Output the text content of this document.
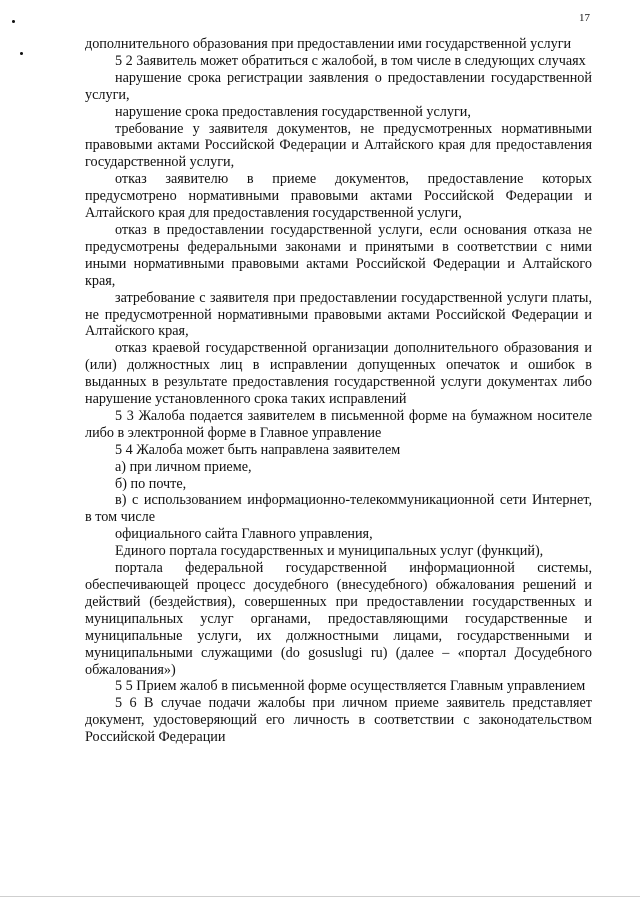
17

дополнительного образования при предоставлении ими государственной услуги

5 2 Заявитель может обратиться с жалобой, в том числе в следующих случаях

нарушение срока регистрации заявления о предоставлении государственной услуги,

нарушение срока предоставления государственной услуги,

требование у заявителя документов, не предусмотренных нормативными правовыми актами Российской Федерации и Алтайского края для предоставления государственной услуги,

отказ заявителю в приеме документов, предоставление которых предусмотрено нормативными правовыми актами Российской Федерации и Алтайского края для предоставления государственной услуги,

отказ в предоставлении государственной услуги, если основания отказа не предусмотрены федеральными законами и принятыми в соответствии с ними иными нормативными правовыми актами Российской Федерации и Алтайского края,

затребование с заявителя при предоставлении государственной услуги платы, не предусмотренной нормативными правовыми актами Российской Федерации и Алтайского края,

отказ краевой государственной организации дополнительного образования и (или) должностных лиц в исправлении допущенных опечаток и ошибок в выданных в результате предоставления государственной услуги документах либо нарушение установленного срока таких исправлений

5 3 Жалоба подается заявителем в письменной форме на бумажном носителе либо в электронной форме в Главное управление

5 4 Жалоба может быть направлена заявителем

а) при личном приеме,

б) по почте,

в) с использованием информационно-телекоммуникационной сети Интернет, в том числе

официального сайта Главного управления,

Единого портала государственных и муниципальных услуг (функций),

портала федеральной государственной информационной системы, обеспечивающей процесс досудебного (внесудебного) обжалования решений и действий (бездействия), совершенных при предоставлении государственных и муниципальных услуг органами, предоставляющими государственные и муниципальные услуги, их должностными лицами, государственными и муниципальными служащими (do gosuslugi ru) (далее – «портал Досудебного обжалования»)

5 5 Прием жалоб в письменной форме осуществляется Главным управлением

5 6 В случае подачи жалобы при личном приеме заявитель представляет документ, удостоверяющий его личность в соответствии с законодательством Российской Федерации
